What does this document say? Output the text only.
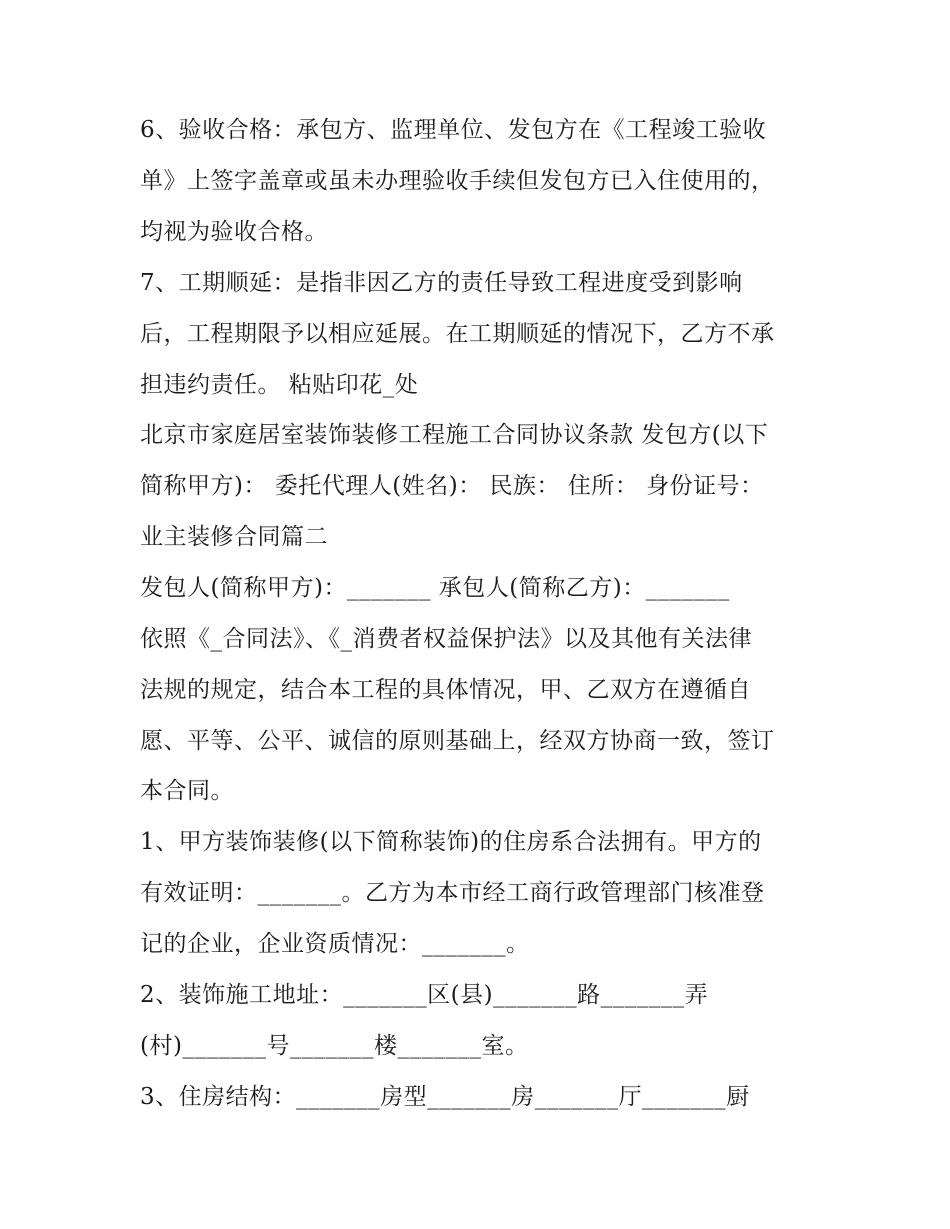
6、验收合格：承包方、监理单位、发包方在《工程竣工验收
单》上签字盖章或虽未办理验收手续但发包方已入住使用的，
均视为验收合格。
7、工期顺延：是指非因乙方的责任导致工程进度受到影响
后，工程期限予以相应延展。在工期顺延的情况下，乙方不承
担违约责任。 粘贴印花_处
北京市家庭居室装饰装修工程施工合同协议条款 发包方(以下
简称甲方)： 委托代理人(姓名)： 民族： 住所： 身份证号：
业主装修合同篇二
发包人(简称甲方)：_______ 承包人(简称乙方)：_______
依照《_合同法》、《_消费者权益保护法》以及其他有关法律
法规的规定，结合本工程的具体情况，甲、乙双方在遵循自
愿、平等、公平、诚信的原则基础上，经双方协商一致，签订
本合同。
1、甲方装饰装修(以下简称装饰)的住房系合法拥有。甲方的
有效证明：_______。乙方为本市经工商行政管理部门核准登
记的企业，企业资质情况：_______。
2、装饰施工地址：_______区(县)_______路_______弄
(村)_______号_______楼_______室。
3、住房结构：_______房型_______房_______厅_______厨
